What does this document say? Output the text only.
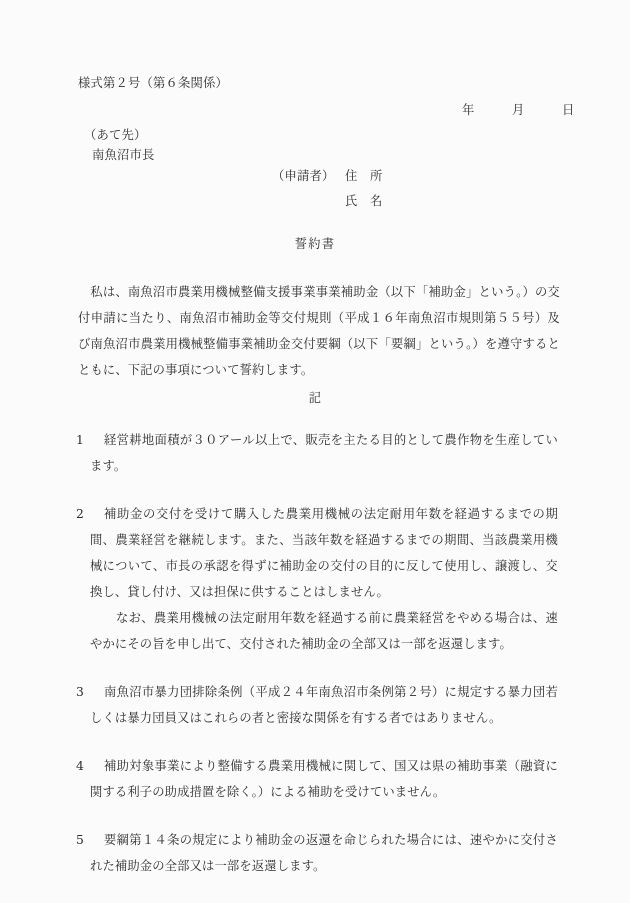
様式第２号（第６条関係）
年　　　月　　　日
（あて先）
南魚沼市長
（申請者） 住　所
氏　名
誓約書
私は、南魚沼市農業用機械整備支援事業事業補助金（以下「補助金」という。）の交付申請に当たり、南魚沼市補助金等交付規則（平成１６年南魚沼市規則第５５号）及び南魚沼市農業用機械整備事業補助金交付要綱（以下「要綱」という。）を遵守するとともに、下記の事項について誓約します。
記
1	経営耕地面積が３０アール以上で、販売を主たる目的として農作物を生産しています。
2	補助金の交付を受けて購入した農業用機械の法定耐用年数を経過するまでの期間、農業経営を継続します。また、当該年数を経過するまでの期間、当該農業用機械について、市長の承認を得ずに補助金の交付の目的に反して使用し、譲渡し、交換し、貸し付け、又は担保に供することはしません。
なお、農業用機械の法定耐用年数を経過する前に農業経営をやめる場合は、速やかにその旨を申し出て、交付された補助金の全部又は一部を返還します。
3	南魚沼市暴力団排除条例（平成２４年南魚沼市条例第２号）に規定する暴力団若しくは暴力団員又はこれらの者と密接な関係を有する者ではありません。
4	補助対象事業により整備する農業用機械に関して、国又は県の補助事業（融資に関する利子の助成措置を除く。）による補助を受けていません。
5	要綱第１４条の規定により補助金の返還を命じられた場合には、速やかに交付された補助金の全部又は一部を返還します。
